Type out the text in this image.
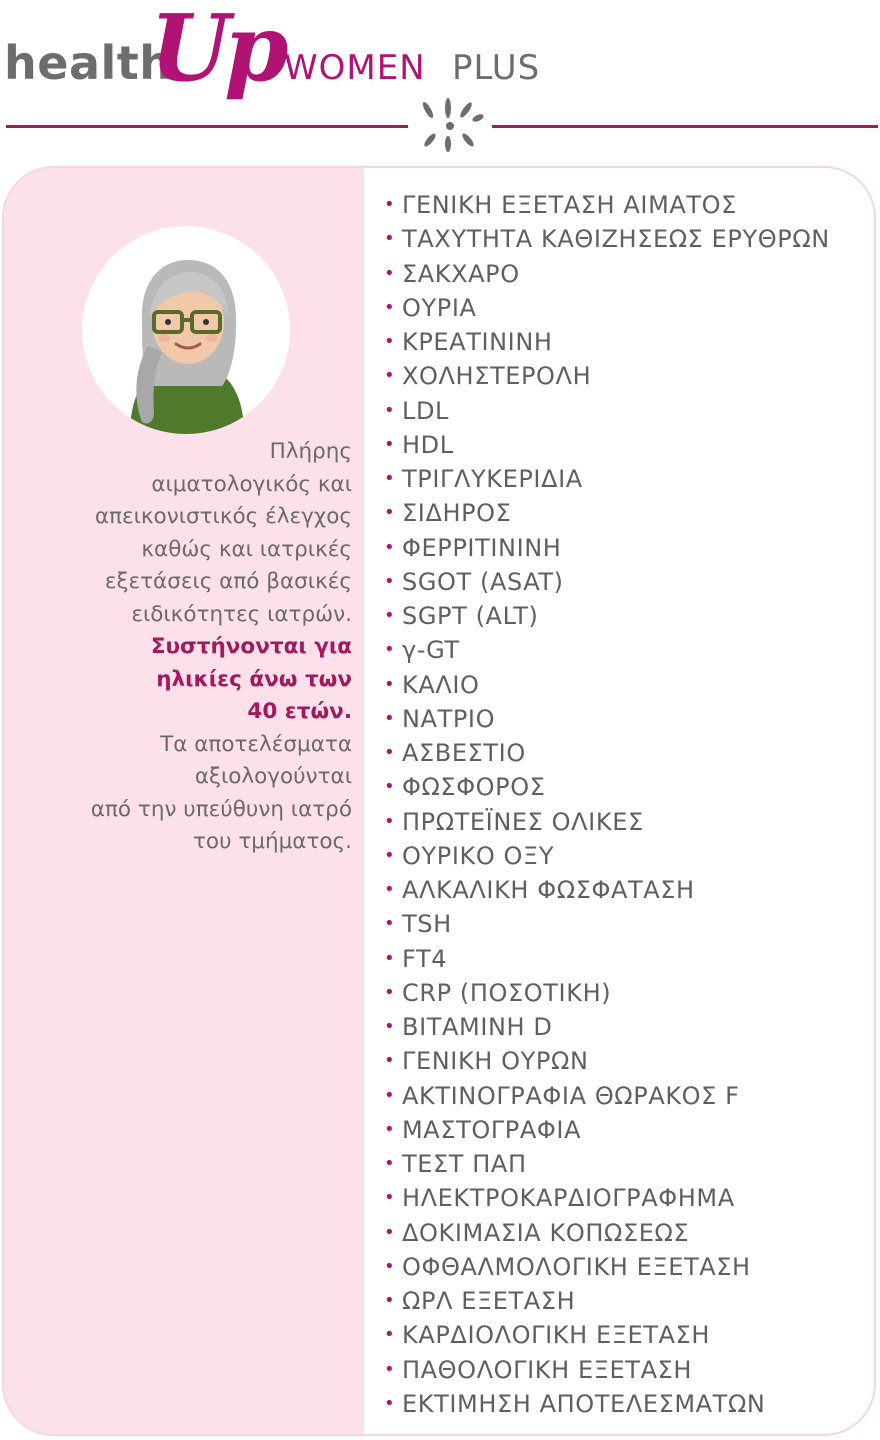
health
Up WOMEN PLUS
Πλήρης
αιματολογικός και
απεικονιστικός έλεγχος
καθώς και ιατρικές
εξετάσεις από βασικές
ειδικότητες ιατρών.
Συστήνονται για
ηλικίες άνω των
40 ετών.
Τα αποτελέσματα
αξιολογούνται
από την υπεύθυνη ιατρό
του τμήματος.
• ΓΕΝΙΚΗ ΕΞΕΤΑΣΗ ΑΙΜΑΤΟΣ
• ΤΑΧΥΤΗΤΑ ΚΑΘΙΖΗΣΕΩΣ ΕΡΥΘΡΩΝ
• ΣΑΚΧΑΡΟ
• ΟΥΡΙΑ
• ΚΡΕΑΤΙΝΙΝΗ
• ΧΟΛΗΣΤΕΡΟΛΗ
• LDL
• HDL
• ΤΡΙΓΛΥΚΕΡΙΔΙΑ
• ΣΙΔΗΡΟΣ
• ΦΕΡΡΙΤΙΝΙΝΗ
• SGOT (ASAT)
• SGPT (ALT)
• γ-GT
• ΚΑΛΙΟ
• ΝΑΤΡΙΟ
• ΑΣΒΕΣΤΙΟ
• ΦΩΣΦΟΡΟΣ
• ΠΡΩΤΕΪΝΕΣ ΟΛΙΚΕΣ
• ΟΥΡΙΚΟ ΟΞΥ
• ΑΛΚΑΛΙΚΗ ΦΩΣΦΑΤΑΣΗ
• TSH
• FT4
• CRP (ΠΟΣΟΤΙΚΗ)
• ΒΙΤΑΜΙΝΗ D
• ΓΕΝΙΚΗ ΟΥΡΩΝ
• ΑΚΤΙΝΟΓΡΑΦΙΑ ΘΩΡΑΚΟΣ F
• ΜΑΣΤΟΓΡΑΦΙΑ
• ΤΕΣΤ ΠΑΠ
• ΗΛΕΚΤΡΟΚΑΡΔΙΟΓΡΑΦΗΜΑ
• ΔΟΚΙΜΑΣΙΑ ΚΟΠΩΣΕΩΣ
• ΟΦΘΑΛΜΟΛΟΓΙΚΗ ΕΞΕΤΑΣΗ
• ΩΡΛ ΕΞΕΤΑΣΗ
• ΚΑΡΔΙΟΛΟΓΙΚΗ ΕΞΕΤΑΣΗ
• ΠΑΘΟΛΟΓΙΚΗ ΕΞΕΤΑΣΗ
• ΕΚΤΙΜΗΣΗ ΑΠΟΤΕΛΕΣΜΑΤΩΝ
